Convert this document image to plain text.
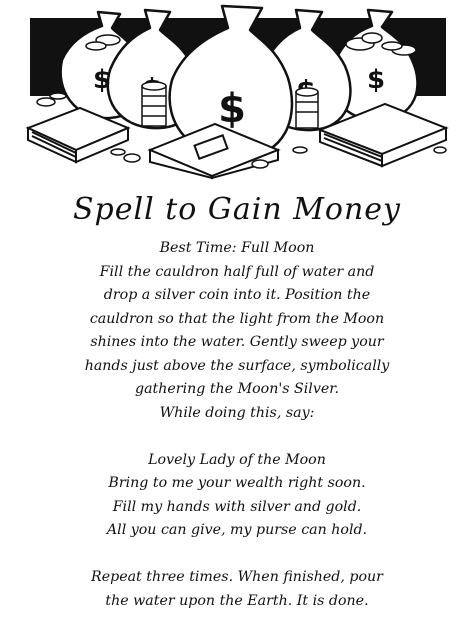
$
$
$
Spell to Gain Money
Best Time: Full Moon
Fill the cauldron half full of water and
drop a silver coin into it. Position the
cauldron so that the light from the Moon
shines into the water. Gently sweep your
hands just above the surface, symbolically
gathering the Moon's Silver.
While doing this, say:
Lovely Lady of the Moon
Bring to me your wealth right soon.
Fill my hands with silver and gold.
All you can give, my purse can hold.
Repeat three times. When finished, pour
the water upon the Earth. It is done.
